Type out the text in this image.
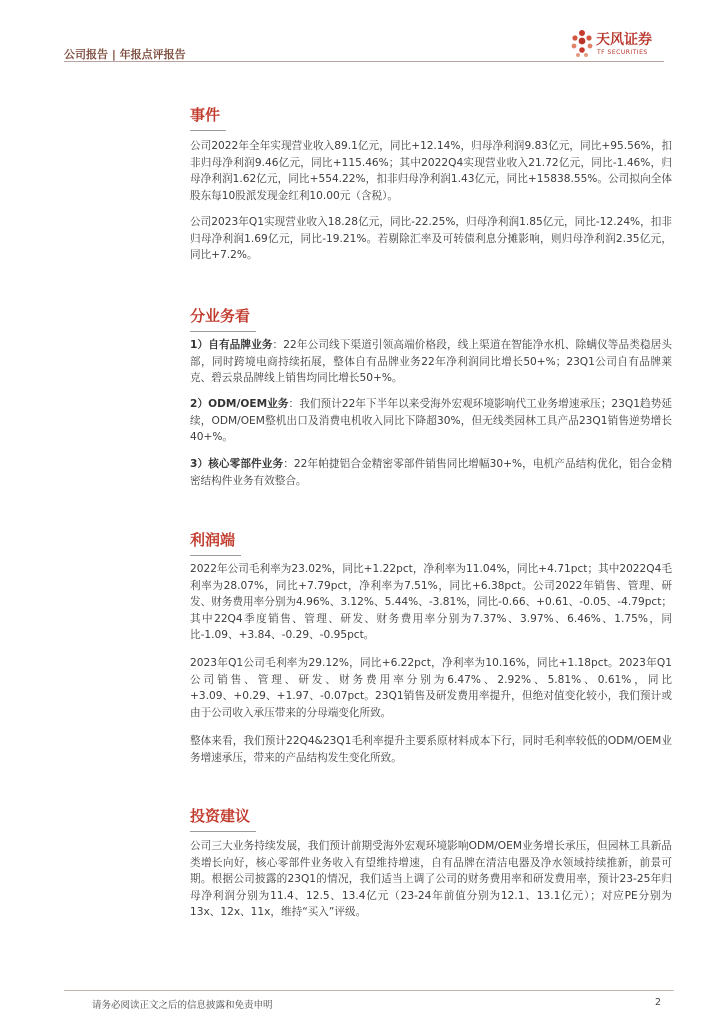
公司报告 | 年报点评报告
天风证券
TF SECURITIES
事件

公司2022年全年实现营业收入89.1亿元，同比+12.14%，归母净利润9.83亿元，同比+95.56%，扣非归母净利润9.46亿元，同比+115.46%；其中2022Q4实现营业收入21.72亿元，同比-1.46%，归母净利润1.62亿元，同比+554.22%，扣非归母净利润1.43亿元，同比+15838.55%。公司拟向全体股东每10股派发现金红利10.00元（含税）。

公司2023年Q1实现营业收入18.28亿元，同比-22.25%，归母净利润1.85亿元，同比-12.24%，扣非归母净利润1.69亿元，同比-19.21%。若剔除汇率及可转债利息分摊影响，则归母净利润2.35亿元，同比+7.2%。

分业务看

1）自有品牌业务：22年公司线下渠道引领高端价格段，线上渠道在智能净水机、除螨仪等品类稳居头部，同时跨境电商持续拓展，整体自有品牌业务22年净利润同比增长50+%；23Q1公司自有品牌莱克、碧云泉品牌线上销售均同比增长50+%。

2）ODM/OEM业务：我们预计22年下半年以来受海外宏观环境影响代工业务增速承压；23Q1趋势延续，ODM/OEM整机出口及消费电机收入同比下降超30%，但无线类园林工具产品23Q1销售逆势增长40+%。

3）核心零部件业务：22年帕捷铝合金精密零部件销售同比增幅30+%，电机产品结构优化，铝合金精密结构件业务有效整合。

利润端

2022年公司毛利率为23.02%，同比+1.22pct，净利率为11.04%，同比+4.71pct；其中2022Q4毛利率为28.07%，同比+7.79pct，净利率为7.51%，同比+6.38pct。公司2022年销售、管理、研发、财务费用率分别为4.96%、3.12%、5.44%、-3.81%，同比-0.66、+0.61、-0.05、-4.79pct；其中22Q4季度销售、管理、研发、财务费用率分别为7.37%、3.97%、6.46%、1.75%，同比-1.09、+3.84、-0.29、-0.95pct。

2023年Q1公司毛利率为29.12%，同比+6.22pct，净利率为10.16%，同比+1.18pct。2023年Q1公司销售、管理、研发、财务费用率分别为6.47%、2.92%、5.81%、0.61%，同比+3.09、+0.29、+1.97、-0.07pct。23Q1销售及研发费用率提升，但绝对值变化较小，我们预计或由于公司收入承压带来的分母端变化所致。

整体来看，我们预计22Q4&23Q1毛利率提升主要系原材料成本下行，同时毛利率较低的ODM/OEM业务增速承压，带来的产品结构发生变化所致。

投资建议

公司三大业务持续发展，我们预计前期受海外宏观环境影响ODM/OEM业务增长承压，但园林工具新品类增长向好，核心零部件业务收入有望维持增速，自有品牌在清洁电器及净水领域持续推新，前景可期。根据公司披露的23Q1的情况，我们适当上调了公司的财务费用率和研发费用率，预计23-25年归母净利润分别为11.4、12.5、13.4亿元（23-24年前值分别为12.1、13.1亿元）；对应PE分别为13x、12x、11x，维持“买入”评级。

请务必阅读正文之后的信息披露和免责申明	2
